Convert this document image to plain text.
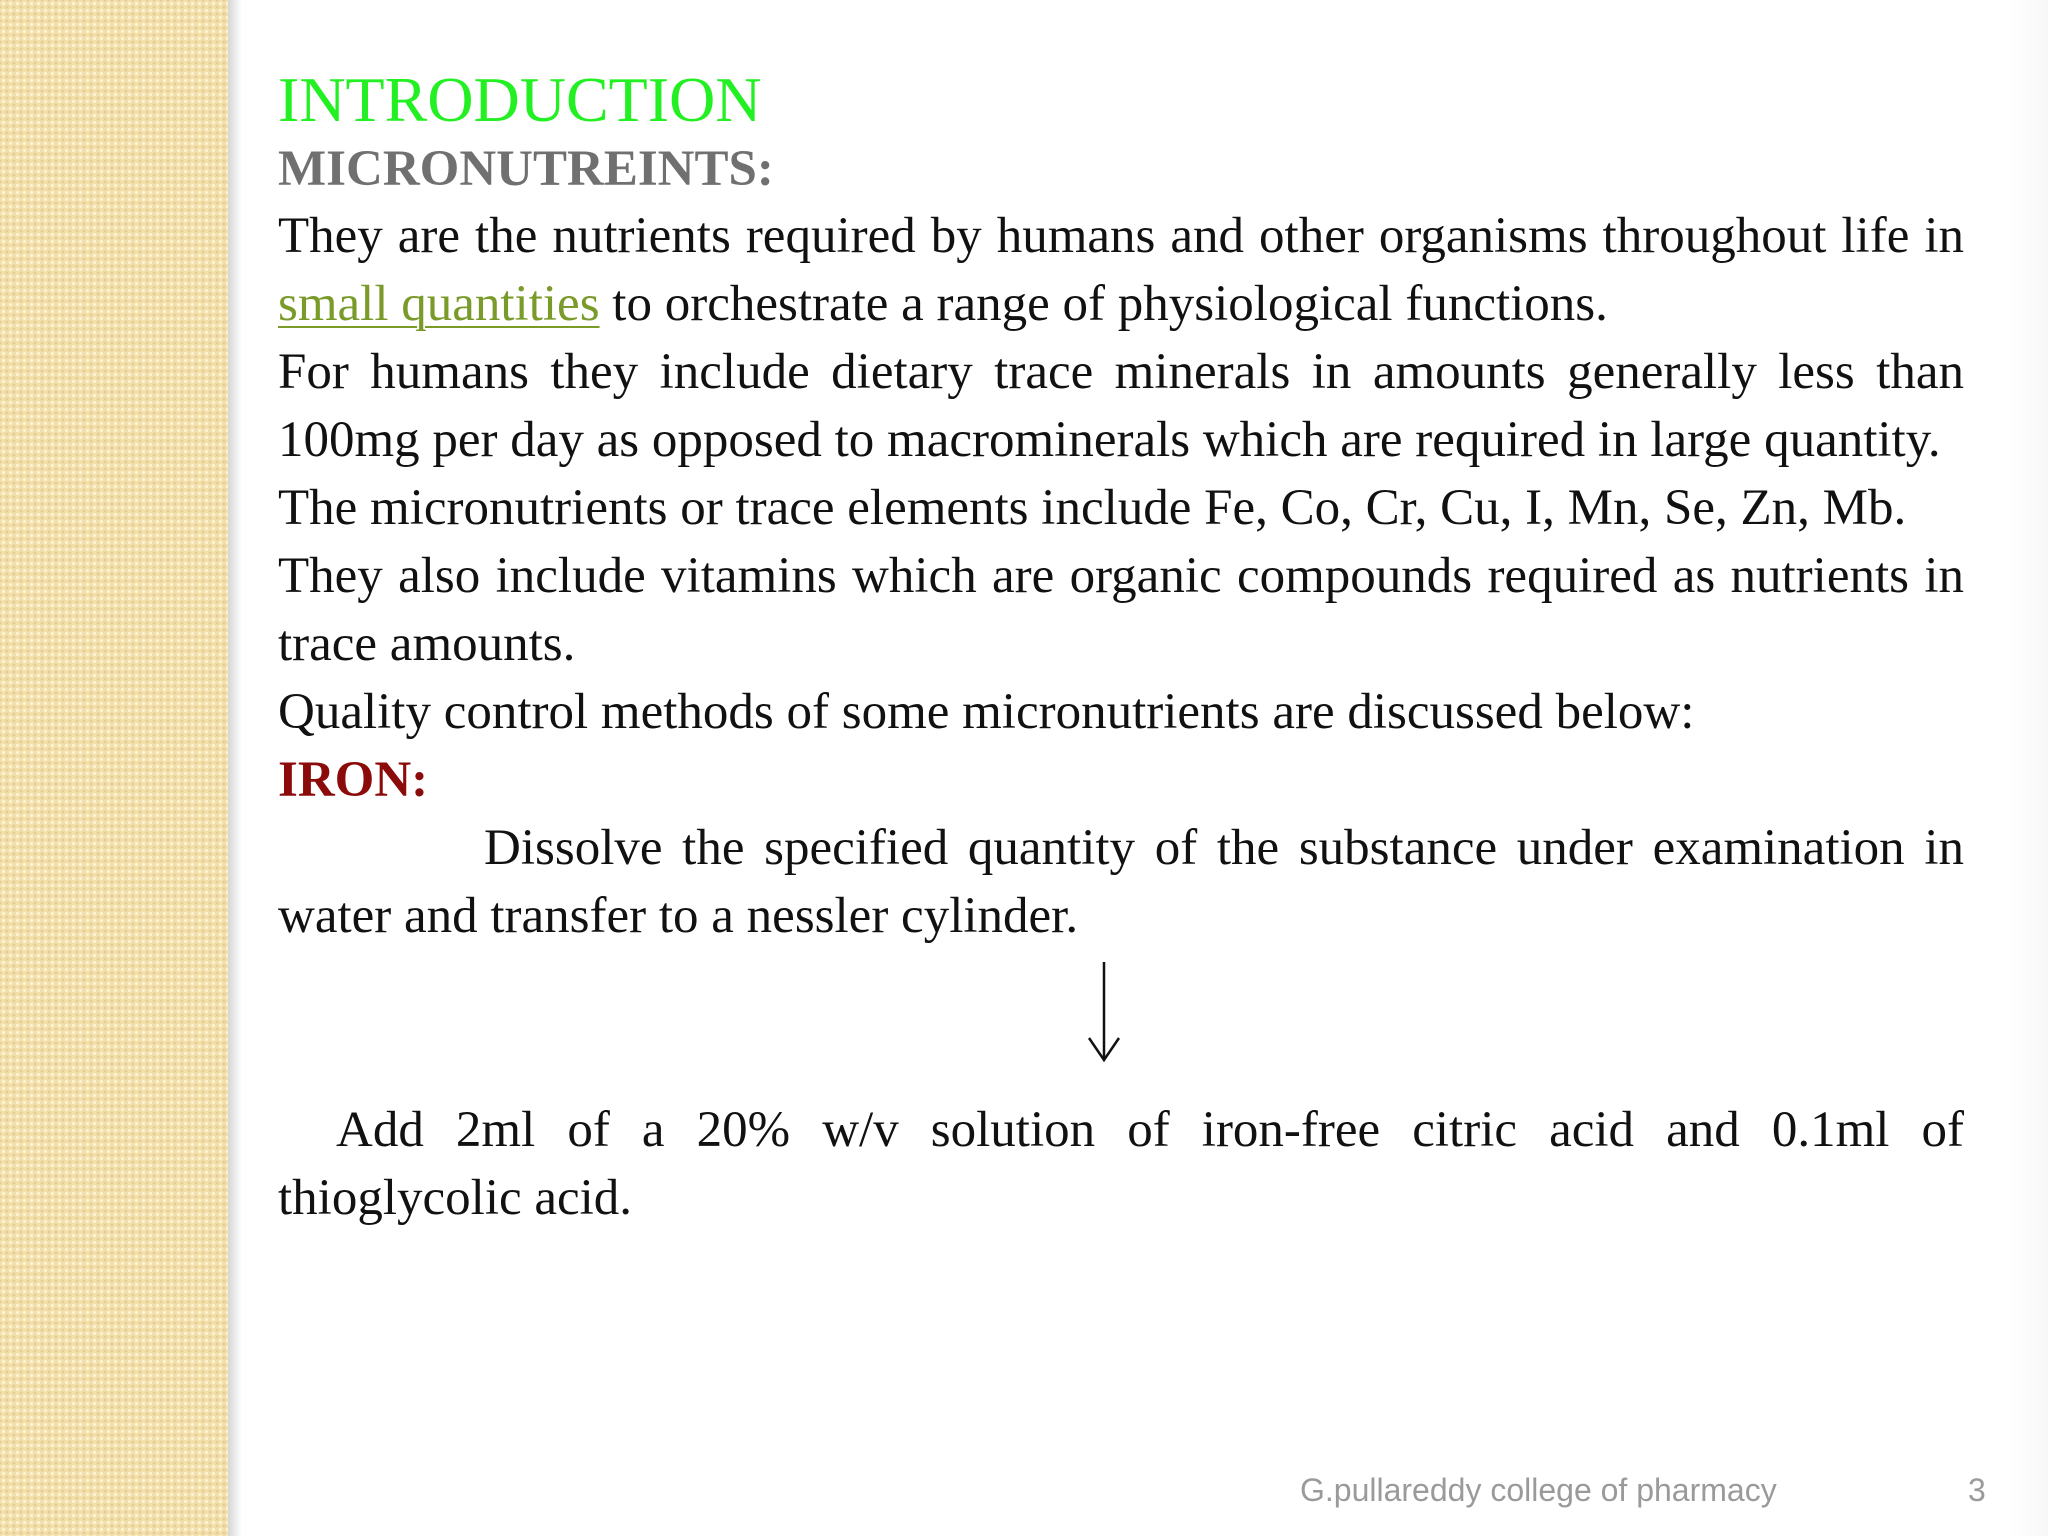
INTRODUCTION
MICRONUTREINTS:

They are the nutrients required by humans and other organisms throughout life in small quantities to orchestrate a range of physiological functions.

For humans they include dietary trace minerals in amounts generally less than 100mg per day as opposed to macrominerals which are required in large quantity.

The micronutrients or trace elements include Fe, Co, Cr, Cu, I, Mn, Se, Zn, Mb.

They also include vitamins which are organic compounds required as nutrients in trace amounts.

Quality control methods of some micronutrients are discussed below:

IRON:

Dissolve the specified quantity of the substance under examination in water and transfer to a nessler cylinder.

Add 2ml of a 20% w/v solution of iron-free citric acid and 0.1ml of thioglycolic acid.

G.pullareddy college of pharmacy	3
